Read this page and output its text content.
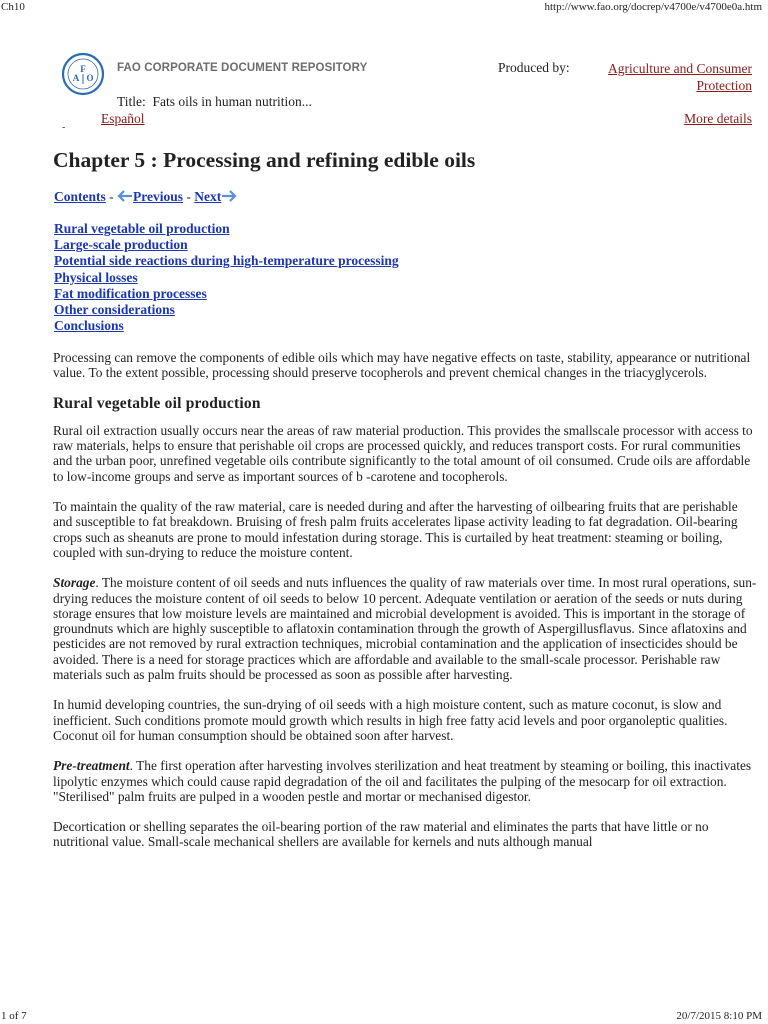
Ch10	http://www.fao.org/docrep/v4700e/v4700e0a.htm
F
A O
FAO CORPORATE DOCUMENT REPOSITORY	Produced by:	Agriculture and Consumer Protection
Title: Fats oils in human nutrition...
Español	More details
-
Chapter 5 : Processing and refining edible oils
Contents - Previous - Next
Rural vegetable oil production
Large-scale production
Potential side reactions during high-temperature processing
Physical losses
Fat modification processes
Other considerations
Conclusions

Processing can remove the components of edible oils which may have negative effects on taste, stability, appearance or nutritional value. To the extent possible, processing should preserve tocopherols and prevent chemical changes in the triacyglycerols.

Rural vegetable oil production

Rural oil extraction usually occurs near the areas of raw material production. This provides the smallscale processor with access to raw materials, helps to ensure that perishable oil crops are processed quickly, and reduces transport costs. For rural communities and the urban poor, unrefined vegetable oils contribute significantly to the total amount of oil consumed. Crude oils are affordable to low-income groups and serve as important sources of b -carotene and tocopherols.

To maintain the quality of the raw material, care is needed during and after the harvesting of oilbearing fruits that are perishable and susceptible to fat breakdown. Bruising of fresh palm fruits accelerates lipase activity leading to fat degradation. Oil-bearing crops such as sheanuts are prone to mould infestation during storage. This is curtailed by heat treatment: steaming or boiling, coupled with sun-drying to reduce the moisture content.

Storage. The moisture content of oil seeds and nuts influences the quality of raw materials over time. In most rural operations, sun-drying reduces the moisture content of oil seeds to below 10 percent. Adequate ventilation or aeration of the seeds or nuts during storage ensures that low moisture levels are maintained and microbial development is avoided. This is important in the storage of groundnuts which are highly susceptible to aflatoxin contamination through the growth of Aspergillusflavus. Since aflatoxins and pesticides are not removed by rural extraction techniques, microbial contamination and the application of insecticides should be avoided. There is a need for storage practices which are affordable and available to the small-scale processor. Perishable raw materials such as palm fruits should be processed as soon as possible after harvesting.

In humid developing countries, the sun-drying of oil seeds with a high moisture content, such as mature coconut, is slow and inefficient. Such conditions promote mould growth which results in high free fatty acid levels and poor organoleptic qualities. Coconut oil for human consumption should be obtained soon after harvest.

Pre-treatment. The first operation after harvesting involves sterilization and heat treatment by steaming or boiling, this inactivates lipolytic enzymes which could cause rapid degradation of the oil and facilitates the pulping of the mesocarp for oil extraction. "Sterilised" palm fruits are pulped in a wooden pestle and mortar or mechanised digestor.

Decortication or shelling separates the oil-bearing portion of the raw material and eliminates the parts that have little or no nutritional value. Small-scale mechanical shellers are available for kernels and nuts although manual

1 of 7	20/7/2015 8:10 PM
